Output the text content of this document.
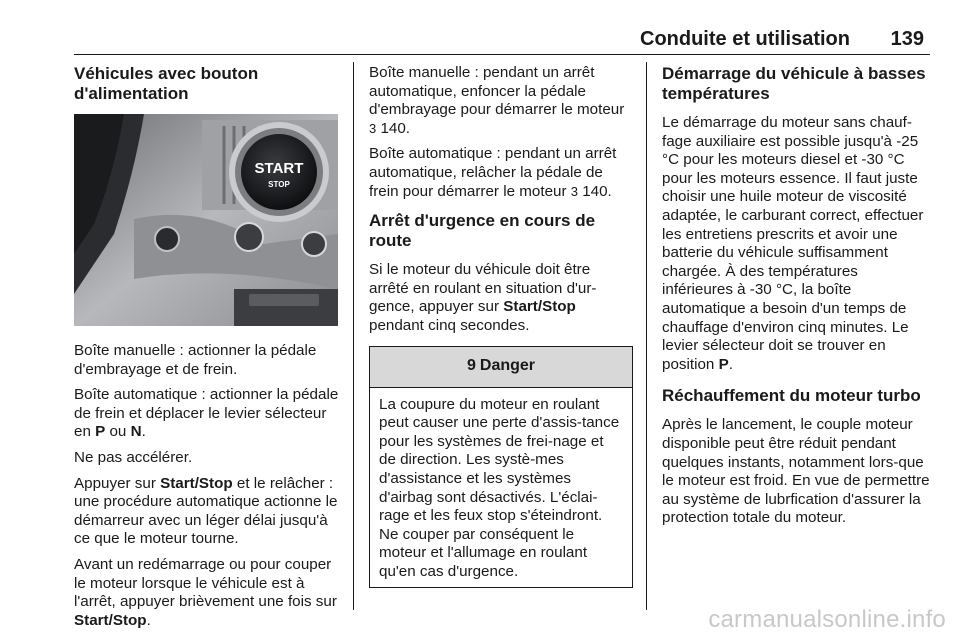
Conduite et utilisation 139
Véhicules avec bouton d'alimentation
START
STOP

Boîte manuelle : actionner la pédale d'embrayage et de frein.

Boîte automatique : actionner la pédale de frein et déplacer le levier sélecteur en P ou N.

Ne pas accélérer.

Appuyer sur Start/Stop et le relâcher : une procédure automatique actionne le démarreur avec un léger délai jusqu'à ce que le moteur tourne.

Avant un redémarrage ou pour couper le moteur lorsque le véhicule est à l'arrêt, appuyer brièvement une fois sur Start/Stop.

Boîte manuelle : pendant un arrêt automatique, enfoncer la pédale d'embrayage pour démarrer le moteur 3 140.

Boîte automatique : pendant un arrêt automatique, relâcher la pédale de frein pour démarrer le moteur 3 140.

Arrêt d'urgence en cours de route

Si le moteur du véhicule doit être arrêté en roulant en situation d'ur-gence, appuyer sur Start/Stop pendant cinq secondes.

9 Danger
La coupure du moteur en roulant peut causer une perte d'assis-tance pour les systèmes de frei-nage et de direction. Les systè-mes d'assistance et les systèmes d'airbag sont désactivés. L'éclai-rage et les feux stop s'éteindront. Ne couper par conséquent le moteur et l'allumage en roulant qu'en cas d'urgence.
Démarrage du véhicule à basses températures

Le démarrage du moteur sans chauf-fage auxiliaire est possible jusqu'à -25 °C pour les moteurs diesel et -30 °C pour les moteurs essence. Il faut juste choisir une huile moteur de viscosité adaptée, le carburant correct, effectuer les entretiens prescrits et avoir une batterie du véhicule suffisamment chargée. À des températures inférieures à -30 °C, la boîte automatique a besoin d'un temps de chauffage d'environ cinq minutes. Le levier sélecteur doit se trouver en position P.

Réchauffement du moteur turbo

Après le lancement, le couple moteur disponible peut être réduit pendant quelques instants, notamment lors-que le moteur est froid. En vue de permettre au système de lubrfication d'assurer la protection totale du moteur.

carmanualsonline.info
